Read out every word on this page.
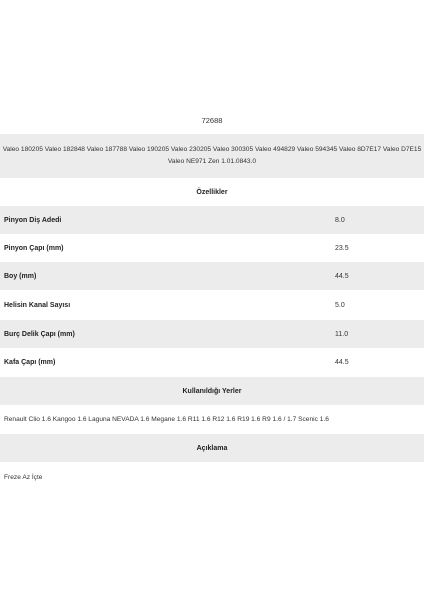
72688
Valeo 180205 Valeo 182848 Valeo 187788 Valeo 190205 Valeo 230205 Valeo 300305 Valeo 494829 Valeo 594345 Valeo 8D7E17 Valeo D7E15 Valeo NE971 Zen 1.01.0843.0
Özellikler
Pinyon Diş Adedi	8.0
Pinyon Çapı (mm)	23.5
Boy (mm)	44.5
Helisin Kanal Sayısı	5.0
Burç Delik Çapı (mm)	11.0
Kafa Çapı (mm)	44.5
Kullanıldığı Yerler
Renault Clio 1.6 Kangoo 1.6 Laguna NEVADA 1.6 Megane 1.6 R11 1.6 R12 1.6 R19 1.6 R9 1.6 / 1.7 Scenic 1.6
Açıklama
Freze Az İçte
